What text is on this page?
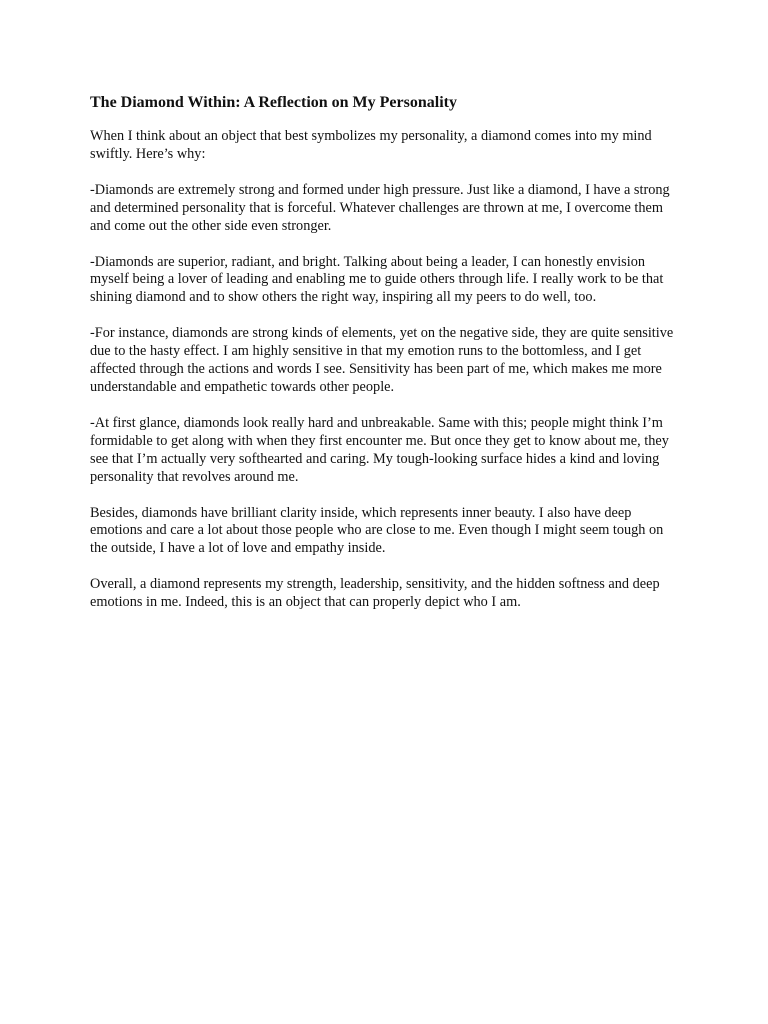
The Diamond Within: A Reflection on My Personality

When I think about an object that best symbolizes my personality, a diamond comes into my mind swiftly. Here’s why:

-Diamonds are extremely strong and formed under high pressure. Just like a diamond, I have a strong and determined personality that is forceful. Whatever challenges are thrown at me, I overcome them and come out the other side even stronger.

-Diamonds are superior, radiant, and bright. Talking about being a leader, I can honestly envision myself being a lover of leading and enabling me to guide others through life. I really work to be that shining diamond and to show others the right way, inspiring all my peers to do well, too.

-For instance, diamonds are strong kinds of elements, yet on the negative side, they are quite sensitive due to the hasty effect. I am highly sensitive in that my emotion runs to the bottomless, and I get affected through the actions and words I see. Sensitivity has been part of me, which makes me more understandable and empathetic towards other people.

-At first glance, diamonds look really hard and unbreakable. Same with this; people might think I’m formidable to get along with when they first encounter me. But once they get to know about me, they see that I’m actually very softhearted and caring. My tough-looking surface hides a kind and loving personality that revolves around me.

Besides, diamonds have brilliant clarity inside, which represents inner beauty. I also have deep emotions and care a lot about those people who are close to me. Even though I might seem tough on the outside, I have a lot of love and empathy inside.

Overall, a diamond represents my strength, leadership, sensitivity, and the hidden softness and deep emotions in me. Indeed, this is an object that can properly depict who I am.
